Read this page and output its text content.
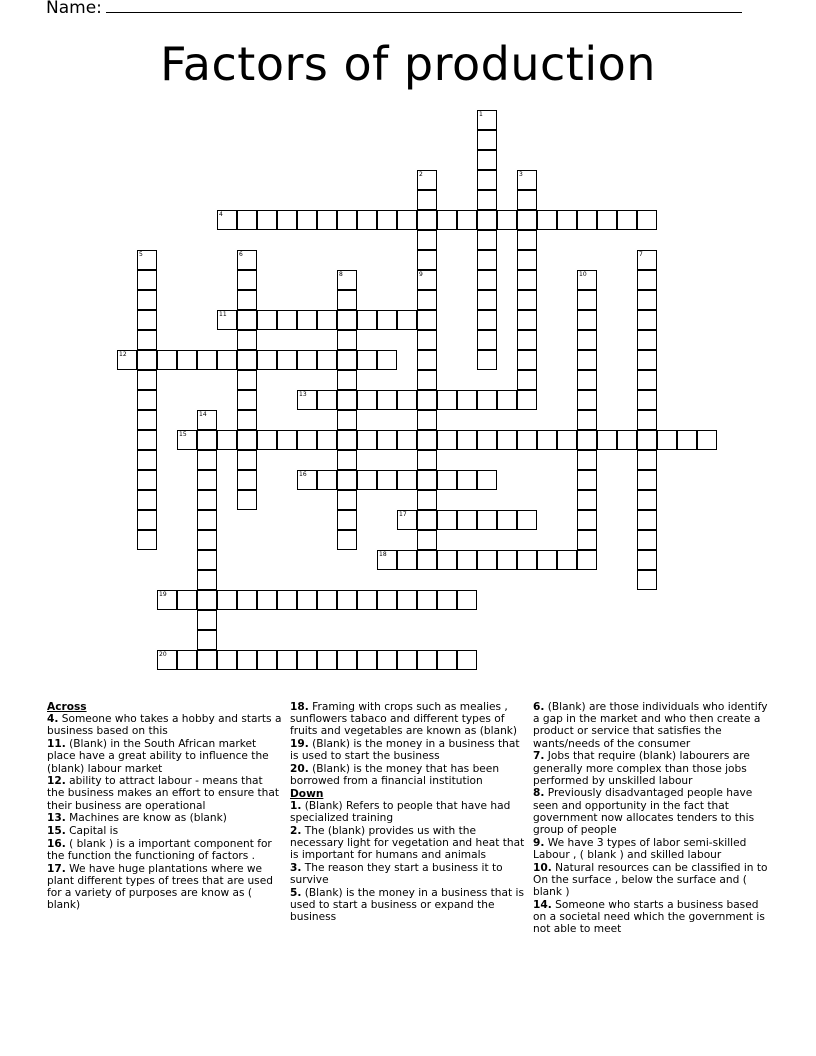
Name:
Factors of production
4
11
12
13
15
16
17
18
19
20
1
2
9
3
5	6	7
8	10
14
Across
4. Someone who takes a hobby and starts a business based on this
11. (Blank) in the South African market place have a great ability to influence the (blank) labour market
12. ability to attract labour - means that the business makes an effort to ensure that their business are operational
13. Machines are know as (blank)
15. Capital is
16. ( blank ) is a important component for the function the functioning of factors .
17. We have huge plantations where we plant different types of trees that are used for a variety of purposes are know as ( blank)
18. Framing with crops such as mealies , sunflowers tabaco and different types of fruits and vegetables are known as (blank)
19. (Blank) is the money in a business that is used to start the business
20. (Blank) is the money that has been borrowed from a financial institution
Down
1. (Blank) Refers to people that have had specialized training
2. The (blank) provides us with the necessary light for vegetation and heat that is important for humans and animals
3. The reason they start a business it to survive
5. (Blank) is the money in a business that is used to start a business or expand the business
6. (Blank) are those individuals who identify a gap in the market and who then create a product or service that satisfies the wants/needs of the consumer
7. Jobs that require (blank) labourers are generally more complex than those jobs performed by unskilled labour
8. Previously disadvantaged people have seen and opportunity in the fact that government now allocates tenders to this group of people
9. We have 3 types of labor semi-skilled Labour , ( blank ) and skilled labour
10. Natural resources can be classified in to On the surface , below the surface and ( blank )
14. Someone who starts a business based on a societal need which the government is not able to meet
